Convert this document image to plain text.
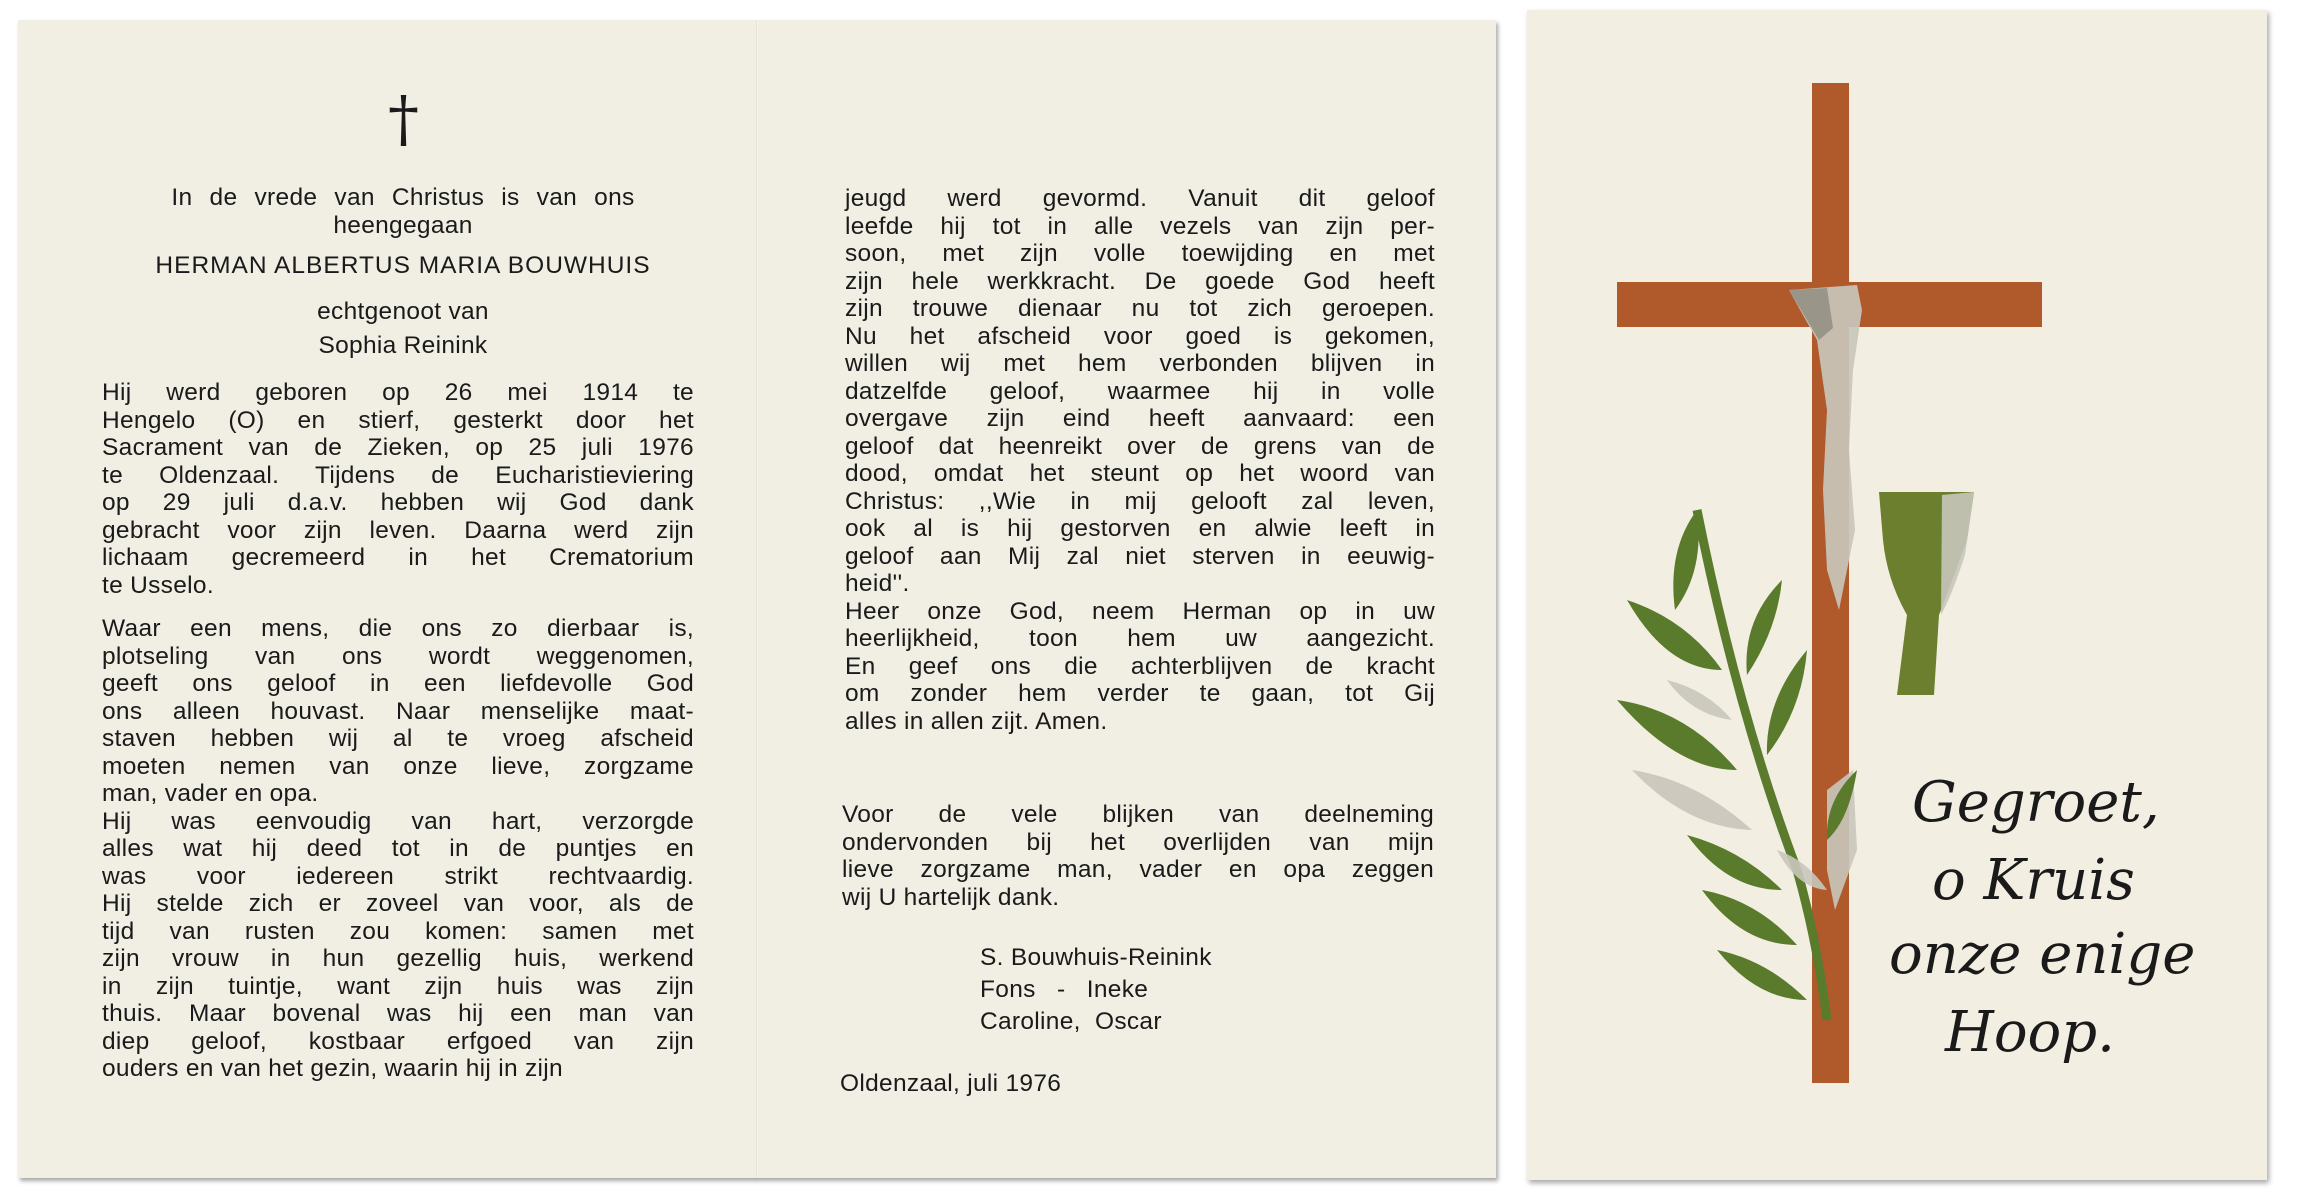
†
In de vrede van Christus is van ons
heengegaan
HERMAN ALBERTUS MARIA BOUWHUIS
echtgenoot van
Sophia Reinink
Hij werd geboren op 26 mei 1914 te
Hengelo (O) en stierf, gesterkt door het
Sacrament van de Zieken, op 25 juli 1976
te Oldenzaal. Tijdens de Eucharistieviering
op 29 juli d.a.v. hebben wij God dank
gebracht voor zijn leven. Daarna werd zijn
lichaam gecremeerd in het Crematorium
te Usselo.
Waar een mens, die ons zo dierbaar is,
plotseling van ons wordt weggenomen,
geeft ons geloof in een liefdevolle God
ons alleen houvast. Naar menselijke maat-
staven hebben wij al te vroeg afscheid
moeten nemen van onze lieve, zorgzame
man, vader en opa.
Hij was eenvoudig van hart, verzorgde
alles wat hij deed tot in de puntjes en
was voor iedereen strikt rechtvaardig.
Hij stelde zich er zoveel van voor, als de
tijd van rusten zou komen: samen met
zijn vrouw in hun gezellig huis, werkend
in zijn tuintje, want zijn huis was zijn
thuis. Maar bovenal was hij een man van
diep geloof, kostbaar erfgoed van zijn
ouders en van het gezin, waarin hij in zijn
jeugd werd gevormd. Vanuit dit geloof
leefde hij tot in alle vezels van zijn per-
soon, met zijn volle toewijding en met
zijn hele werkkracht. De goede God heeft
zijn trouwe dienaar nu tot zich geroepen.
Nu het afscheid voor goed is gekomen,
willen wij met hem verbonden blijven in
datzelfde geloof, waarmee hij in volle
overgave zijn eind heeft aanvaard: een
geloof dat heenreikt over de grens van de
dood, omdat het steunt op het woord van
Christus: ,,Wie in mij gelooft zal leven,
ook al is hij gestorven en alwie leeft in
geloof aan Mij zal niet sterven in eeuwig-
heid''.
Heer onze God, neem Herman op in uw
heerlijkheid, toon hem uw aangezicht.
En geef ons die achterblijven de kracht
om zonder hem verder te gaan, tot Gij
alles in allen zijt. Amen.
Voor de vele blijken van deelneming
ondervonden bij het overlijden van mijn
lieve zorgzame man, vader en opa zeggen
wij U hartelijk dank.
S. Bouwhuis-Reinink
Fons   -   Ineke
Caroline,  Oscar
Oldenzaal, juli 1976
Gegroet,
o Kruis
onze enige
Hoop.
